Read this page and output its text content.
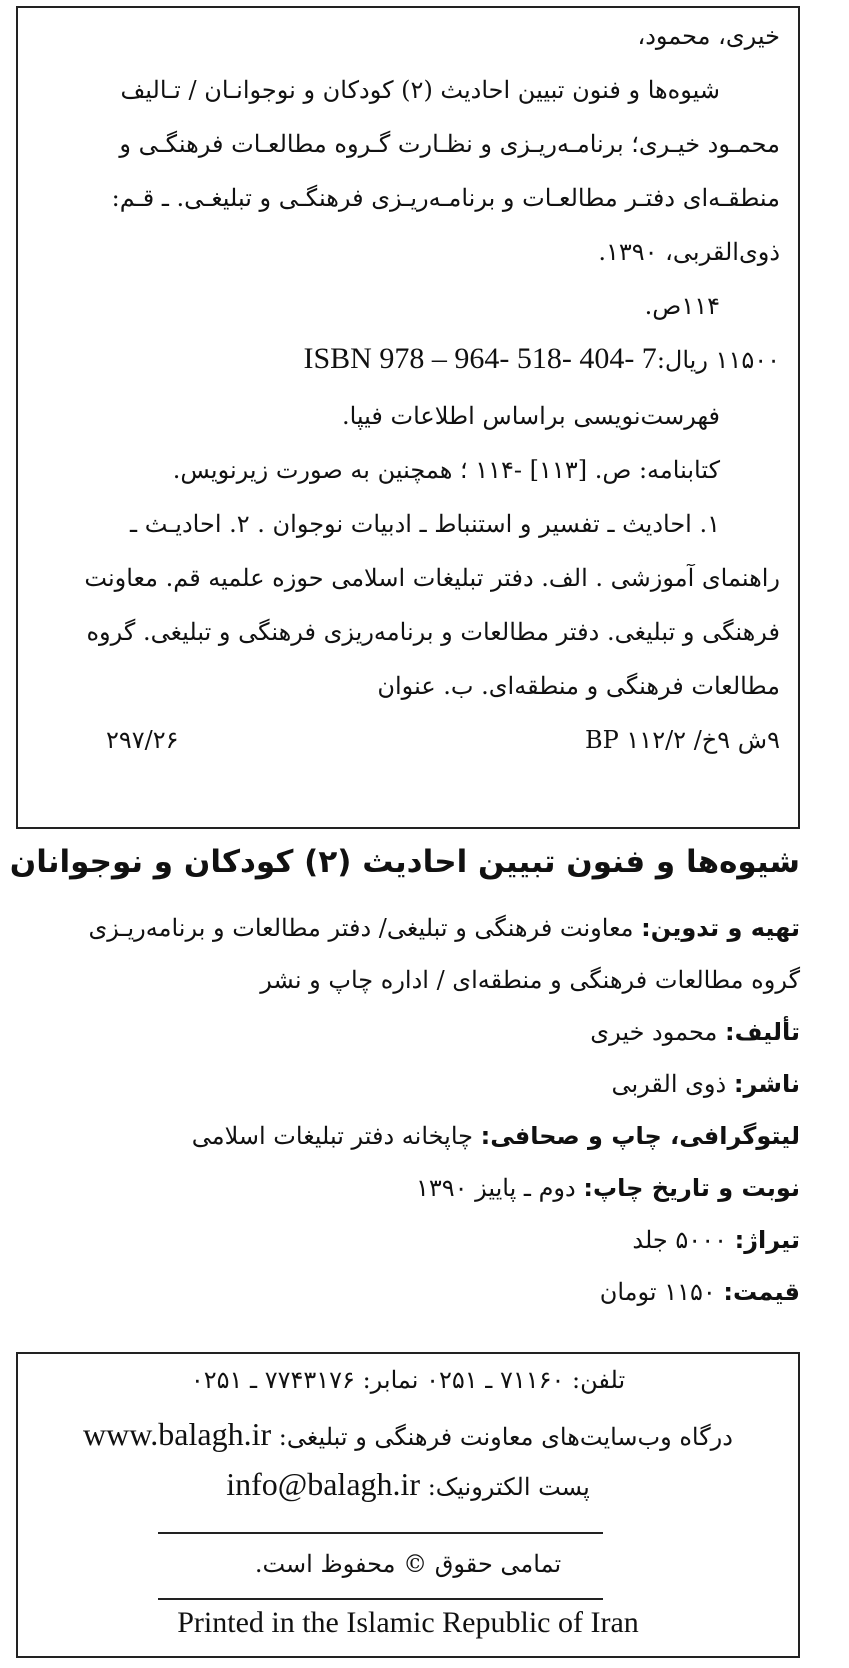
خیری، محمود،
شیوه‌ها و فنون تبیین احادیث (۲) کودکان و نوجوانـان / تـالیف
محمـود خیـری؛ برنامـه‌ریـزی و نظـارت گـروه مطالعـات فرهنگـی و
منطقـه‌ای دفتـر مطالعـات و برنامـه‌ریـزی فرهنگـی و تبلیغـی. ـ قـم:
ذوی‌القربی، ۱۳۹۰.
۱۱۴ص.
۱۱۵۰۰ ریال:ISBN 978 – 964- 518- 404- 7
فهرست‌نویسی براساس اطلاعات فیپا.
کتابنامه: ص. [۱۱۳] -۱۱۴ ؛ همچنین به صورت زیرنویس.
۱. احادیث ـ تفسیر و استنباط ـ ادبیات نوجوان . ۲. احادیـث ـ
راهنمای آموزشی . الف. دفتر تبلیغات اسلامی حوزه علمیه قم. معاونت
فرهنگی و تبلیغی. دفتر مطالعات و برنامه‌ریزی فرهنگی و تبلیغی. گروه
مطالعات فرهنگی و منطقه‌ای. ب. عنوان
۹ش ۹خ/ ۱۱۲/۲ BP
۲۹۷/۲۶
شیوه‌ها و فنون تبیین احادیث (۲) کودکان و نوجوانان
تهیه و تدوین: معاونت فرهنگی و تبلیغی/ دفتر مطالعات و برنامه‌ریـزی
گروه مطالعات فرهنگی و منطقه‌ای / اداره چاپ و نشر
تألیف: محمود خیری
ناشر: ذوی القربی
لیتوگرافی، چاپ و صحافی: چاپخانه دفتر تبلیغات اسلامی
نوبت و تاریخ چاپ: دوم ـ پاییز ۱۳۹۰
تیراژ: ۵۰۰۰ جلد
قیمت: ۱۱۵۰ تومان
تلفن: ۷۱۱۶۰ ـ ۰۲۵۱ نمابر: ۷۷۴۳۱۷۶ ـ ۰۲۵۱
درگاه وب‌سایت‌های معاونت فرهنگی و تبلیغی: www.balagh.ir
پست الکترونیک: info@balagh.ir
تمامی حقوق © محفوظ است.
Printed in the Islamic Republic of Iran
